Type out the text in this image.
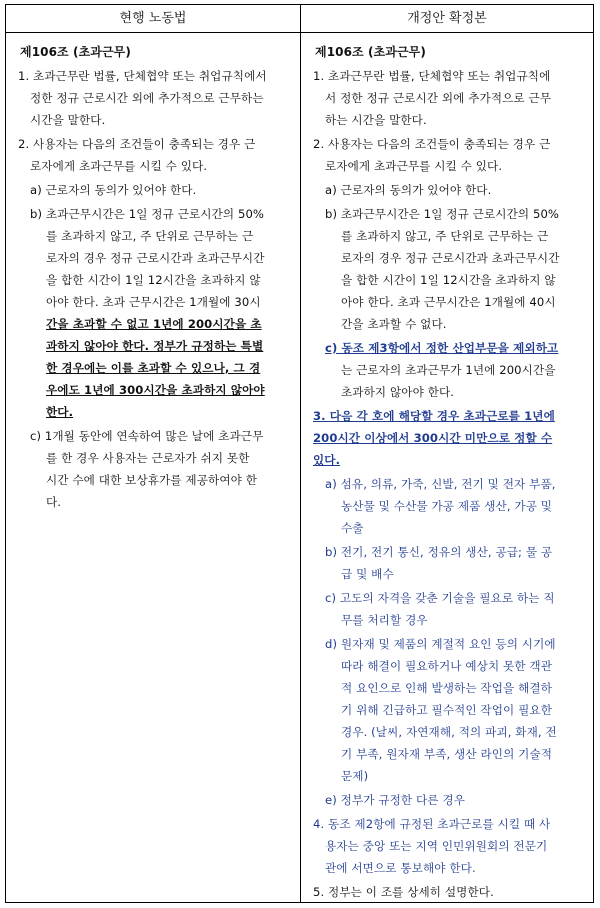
현행 노동법	개정안 확정본
제106조 (초과근무)
1. 초과근무란 법률, 단체협약 또는 취업규칙에서
정한 정규 근로시간 외에 추가적으로 근무하는
시간을 말한다.
2. 사용자는 다음의 조건들이 충족되는 경우 근
로자에게 초과근무를 시킬 수 있다.
a) 근로자의 동의가 있어야 한다.
b) 초과근무시간은 1일 정규 근로시간의 50%
를 초과하지 않고, 주 단위로 근무하는 근
로자의 경우 정규 근로시간과 초과근무시간
을 합한 시간이 1일 12시간을 초과하지 않
아야 한다. 초과 근무시간은 1개월에 30시
간을 초과할 수 없고 1년에 200시간을 초
과하지 않아야 한다. 정부가 규정하는 특별
한 경우에는 이를 초과할 수 있으나, 그 경
우에도 1년에 300시간을 초과하지 않아야
한다.
c) 1개월 동안에 연속하여 많은 날에 초과근무
를 한 경우 사용자는 근로자가 쉬지 못한
시간 수에 대한 보상휴가를 제공하여야 한
다.
제106조 (초과근무)
1. 초과근무란 법률, 단체협약 또는 취업규칙에
서 정한 정규 근로시간 외에 추가적으로 근무
하는 시간을 말한다.
2. 사용자는 다음의 조건들이 충족되는 경우 근
로자에게 초과근무를 시킬 수 있다.
a) 근로자의 동의가 있어야 한다.
b) 초과근무시간은 1일 정규 근로시간의 50%
를 초과하지 않고, 주 단위로 근무하는 근
로자의 경우 정규 근로시간과 초과근무시간
을 합한 시간이 1일 12시간을 초과하지 않
아야 한다. 초과 근무시간은 1개월에 40시
간을 초과할 수 없다.
c) 동조 제3항에서 정한 산업부문을 제외하고
는 근로자의 초과근무가 1년에 200시간을
초과하지 않아야 한다.
3. 다음 각 호에 해당할 경우 초과근로를 1년에
200시간 이상에서 300시간 미만으로 정할 수
있다.
a) 섬유, 의류, 가죽, 신발, 전기 및 전자 부품,
농산물 및 수산물 가공 제품 생산, 가공 및
수출
b) 전기, 전기 통신, 정유의 생산, 공급; 물 공
급 및 배수
c) 고도의 자격을 갖춘 기술을 필요로 하는 직
무를 처리할 경우
d) 원자재 및 제품의 계절적 요인 등의 시기에
따라 해결이 필요하거나 예상치 못한 객관
적 요인으로 인해 발생하는 작업을 해결하
기 위해 긴급하고 필수적인 작업이 필요한
경우. (날씨, 자연재해, 적의 파괴, 화재, 전
기 부족, 원자재 부족, 생산 라인의 기술적
문제)
e) 정부가 규정한 다른 경우
4. 동조 제2항에 규정된 초과근로를 시킬 때 사
용자는 중앙 또는 지역 인민위원회의 전문기
관에 서면으로 통보해야 한다.
5. 정부는 이 조를 상세히 설명한다.
